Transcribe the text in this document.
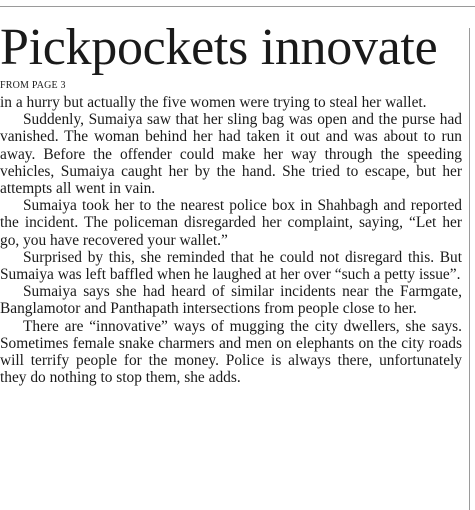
Pickpockets innovate
FROM PAGE 3

in a hurry but actually the five women were trying to steal her wallet.

Suddenly, Sumaiya saw that her sling bag was open and the purse had vanished. The woman behind her had taken it out and was about to run away. Before the offender could make her way through the speeding vehicles, Sumaiya caught her by the hand. She tried to escape, but her attempts all went in vain.

Sumaiya took her to the nearest police box in Shahbagh and reported the incident. The policeman disregarded her complaint, saying, “Let her go, you have recovered your wallet.”

Surprised by this, she reminded that he could not disregard this. But Sumaiya was left baffled when he laughed at her over “such a petty issue”.

Sumaiya says she had heard of similar incidents near the Farmgate, Banglamotor and Panthapath intersections from people close to her.

There are “innovative” ways of mugging the city dwellers, she says. Sometimes female snake charmers and men on elephants on the city roads will terrify people for the money. Police is always there, unfortunately they do nothing to stop them, she adds.
